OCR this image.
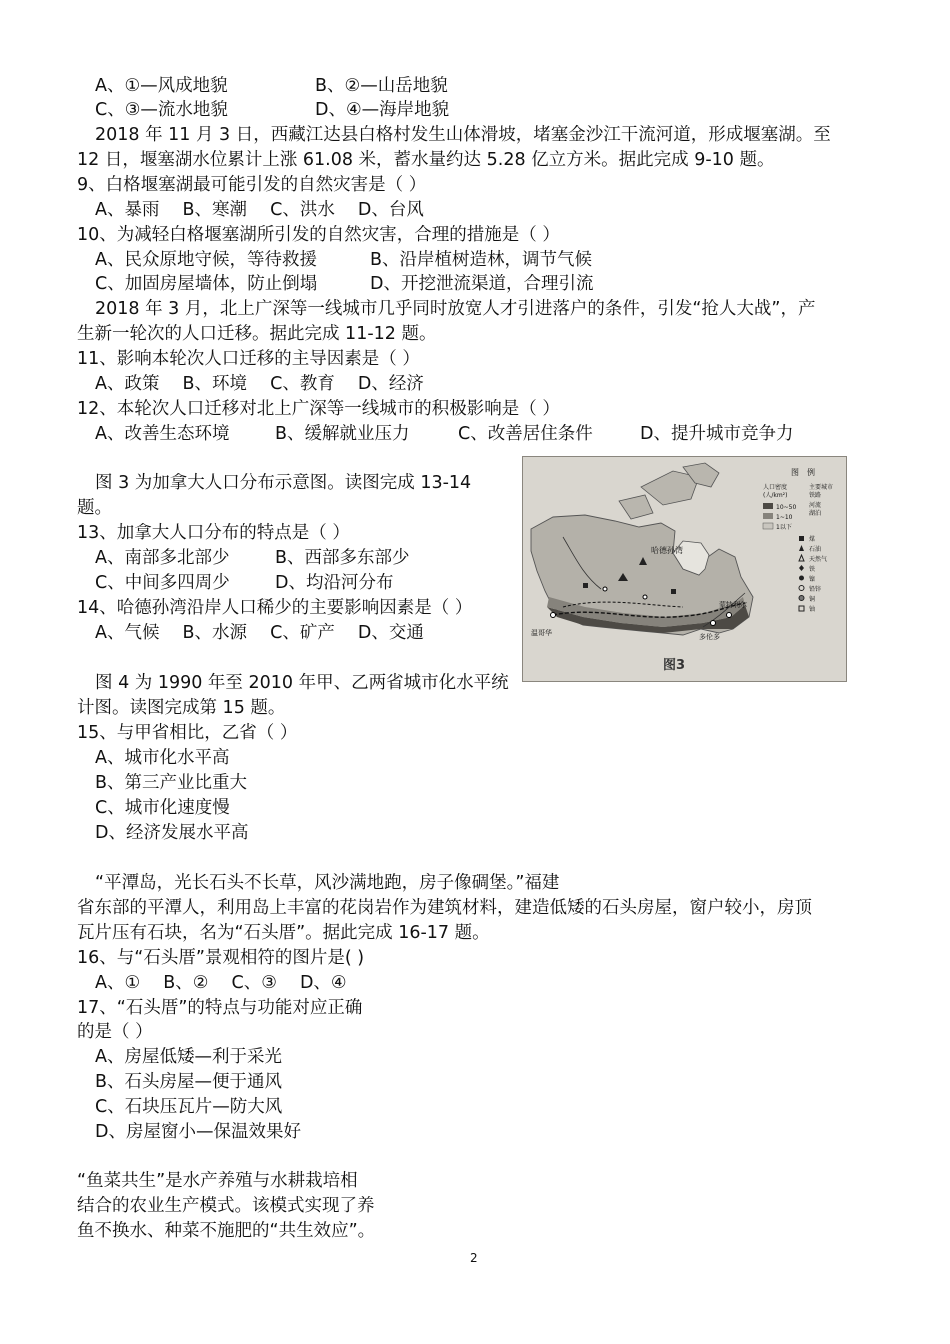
A、①—风成地貌	B、②—山岳地貌
C、③—流水地貌	D、④—海岸地貌
2018 年 11 月 3 日，西藏江达县白格村发生山体滑坡，堵塞金沙江干流河道，形成堰塞湖。至
12 日，堰塞湖水位累计上涨 61.08 米，蓄水量约达 5.28 亿立方米。据此完成 9-10 题。
9、白格堰塞湖最可能引发的自然灾害是（ ）
A、暴雨　 B、寒潮　 C、洪水　 D、台风
10、为减轻白格堰塞湖所引发的自然灾害，合理的措施是（ ）
A、民众原地守候，等待救援	B、沿岸植树造林，调节气候
C、加固房屋墙体，防止倒塌	D、开挖泄流渠道，合理引流
2018 年 3 月，北上广深等一线城市几乎同时放宽人才引进落户的条件，引发“抢人大战”，产
生新一轮次的人口迁移。据此完成 11-12 题。
11、影响本轮次人口迁移的主导因素是（ ）
A、政策　 B、环境　 C、教育　 D、经济
12、本轮次人口迁移对北上广深等一线城市的积极影响是（ ）
A、改善生态环境	B、缓解就业压力	C、改善居住条件	D、提升城市竞争力
图 3 为加拿大人口分布示意图。读图完成 13-14
题。
13、加拿大人口分布的特点是（ ）
A、南部多北部少	B、西部多东部少
C、中间多四周少	D、均沿河分布
14、哈德孙湾沿岸人口稀少的主要影响因素是（ ）
A、气候　 B、水源　 C、矿产　 D、交通
图 4 为 1990 年至 2010 年甲、乙两省城市化水平统
计图。读图完成第 15 题。
15、与甲省相比，乙省（ ）
A、城市化水平高
B、第三产业比重大
C、城市化速度慢
D、经济发展水平高
“平潭岛，光长石头不长草，风沙满地跑，房子像碉堡。”福建
省东部的平潭人，利用岛上丰富的花岗岩作为建筑材料，建造低矮的石头房屋，窗户较小，房顶
瓦片压有石块，名为“石头厝”。据此完成 16-17 题。
16、与“石头厝”景观相符的图片是( )
A、①　 B、②　 C、③　 D、④
17、“石头厝”的特点与功能对应正确
的是（ ）
A、房屋低矮—利于采光
B、石头房屋—便于通风
C、石块压瓦片—防大风
D、房屋窗小—保温效果好
“鱼菜共生”是水产养殖与水耕栽培相
结合的农业生产模式。该模式实现了养
鱼不换水、种菜不施肥的“共生效应”。
哈德孙湾
温哥华
蒙特利尔
多伦多
图　例
人口密度
(人/km²)
10~50
1~10
1以下
主要城市
铁路
河流
湖泊
煤
石油
天然气
铁
镍
铅锌
铜
铀
图3
2
